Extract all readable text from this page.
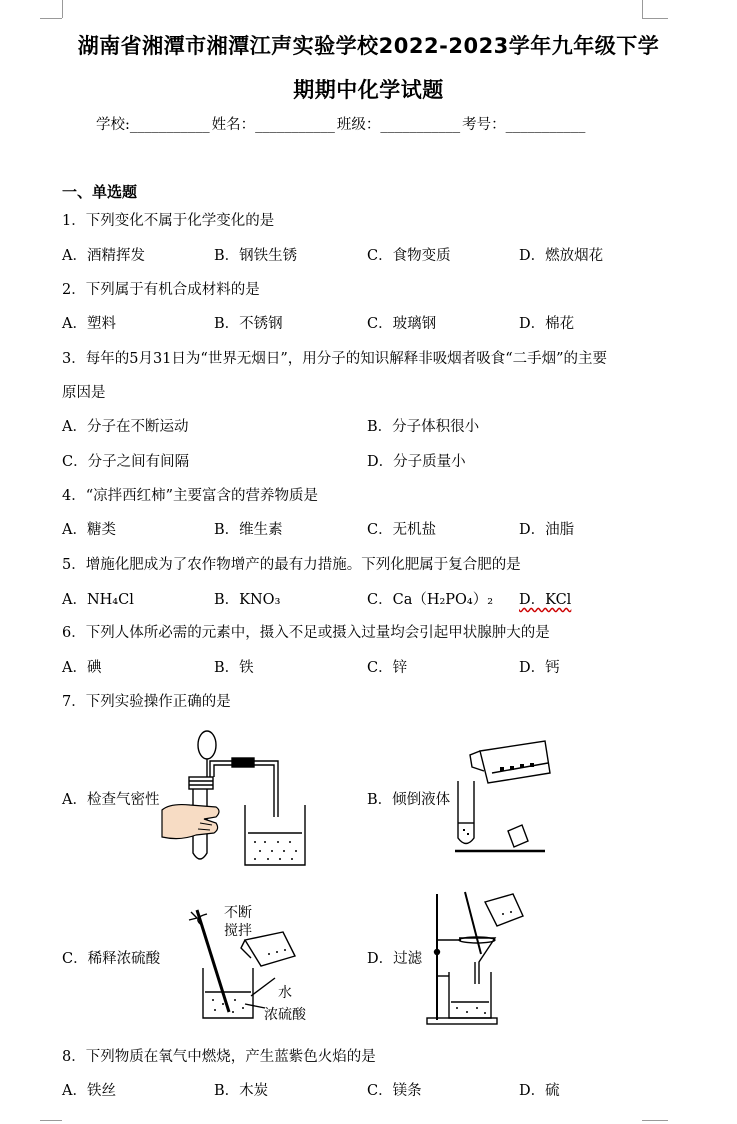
湖南省湘潭市湘潭江声实验学校2022-2023学年九年级下学
期期中化学试题
学校:___________ 姓名：___________ 班级：___________ 考号：___________
一、单选题
1．下列变化不属于化学变化的是
A．酒精挥发	B．钢铁生锈	C．食物变质	D．燃放烟花
2．下列属于有机合成材料的是
A．塑料	B．不锈钢	C．玻璃钢	D．棉花
3．每年的5月31日为“世界无烟日”，用分子的知识解释非吸烟者吸食“二手烟”的主要
原因是
A．分子在不断运动	B．分子体积很小
C．分子之间有间隔	D．分子质量小
4．“凉拌西红柿”主要富含的营养物质是
A．糖类	B．维生素	C．无机盐	D．油脂
5．增施化肥成为了农作物增产的最有力措施。下列化肥属于复合肥的是
A．NH₄Cl	B．KNO₃	C．Ca（H₂PO₄）₂ D．KCl
6．下列人体所必需的元素中，摄入不足或摄入过量均会引起甲状腺肿大的是
A．碘	B．铁	C．锌	D．钙
7．下列实验操作正确的是
A．检查气密性	B．倾倒液体
C．稀释浓硫酸	D．过滤
不断
搅拌
水
浓硫酸
8．下列物质在氧气中燃烧，产生蓝紫色火焰的是
A．铁丝	B．木炭	C．镁条	D．硫
